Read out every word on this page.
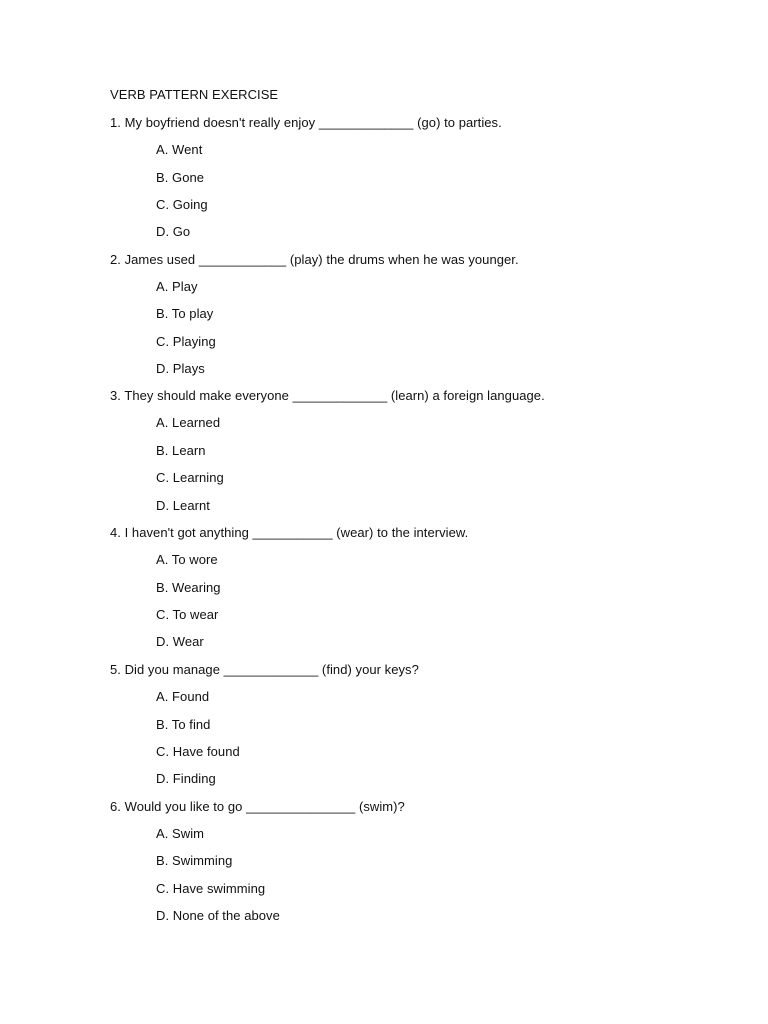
VERB PATTERN EXERCISE
1. My boyfriend doesn't really enjoy _____________ (go) to parties.
A. Went
B. Gone
C. Going
D. Go
2. James used ____________ (play) the drums when he was younger.
A. Play
B. To play
C. Playing
D. Plays
3. They should make everyone _____________ (learn) a foreign language.
A. Learned
B. Learn
C. Learning
D. Learnt
4. I haven't got anything ___________ (wear) to the interview.
A. To wore
B. Wearing
C. To wear
D. Wear
5. Did you manage _____________ (find) your keys?
A. Found
B. To find
C. Have found
D. Finding
6. Would you like to go _______________ (swim)?
A. Swim
B. Swimming
C. Have swimming
D. None of the above
